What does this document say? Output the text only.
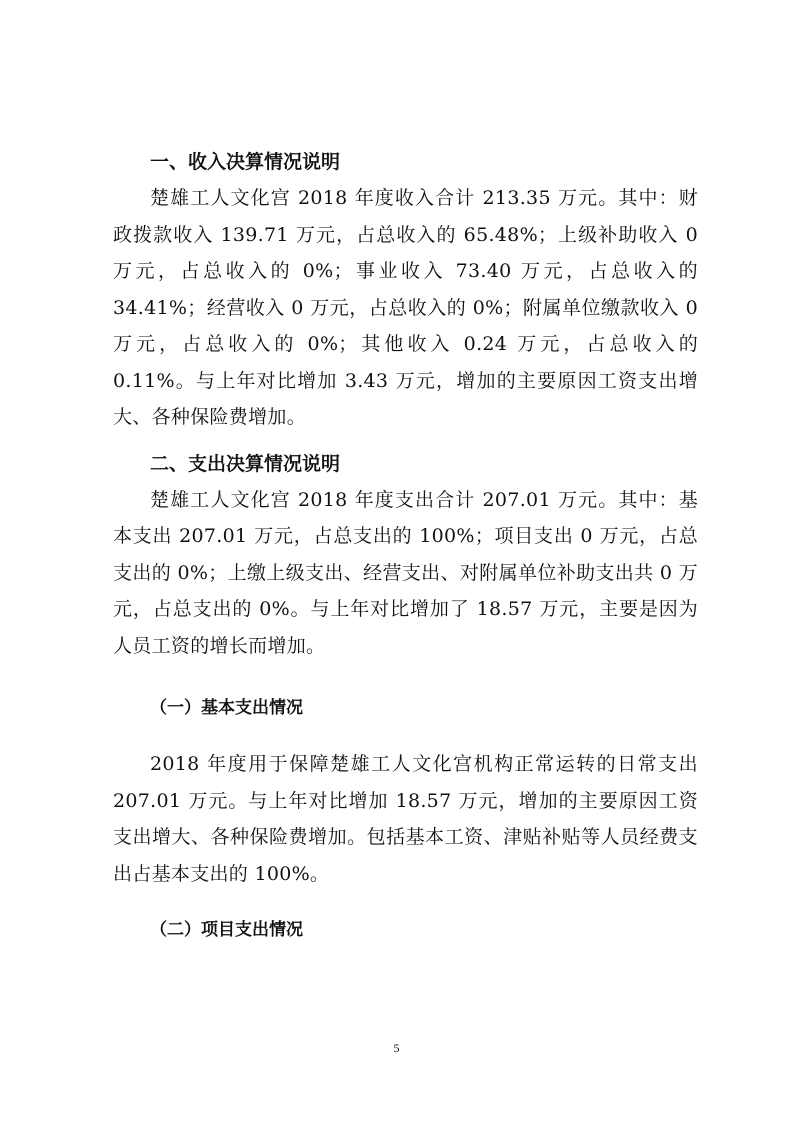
一、收入决算情况说明

楚雄工人文化宫 2018 年度收入合计 213.35 万元。其中：财政拨款收入 139.71 万元，占总收入的 65.48%；上级补助收入 0 万元，占总收入的 0%；事业收入 73.40 万元，占总收入的 34.41%；经营收入 0 万元，占总收入的 0%；附属单位缴款收入 0 万元，占总收入的 0%；其他收入 0.24 万元，占总收入的 0.11%。与上年对比增加 3.43 万元，增加的主要原因工资支出增大、各种保险费增加。

二、支出决算情况说明

楚雄工人文化宫 2018 年度支出合计 207.01 万元。其中：基本支出 207.01 万元，占总支出的 100%；项目支出 0 万元，占总支出的 0%；上缴上级支出、经营支出、对附属单位补助支出共 0 万元，占总支出的 0%。与上年对比增加了 18.57 万元，主要是因为人员工资的增长而增加。

（一）基本支出情况

2018 年度用于保障楚雄工人文化宫机构正常运转的日常支出 207.01 万元。与上年对比增加 18.57 万元，增加的主要原因工资支出增大、各种保险费增加。包括基本工资、津贴补贴等人员经费支出占基本支出的 100%。

（二）项目支出情况
5
